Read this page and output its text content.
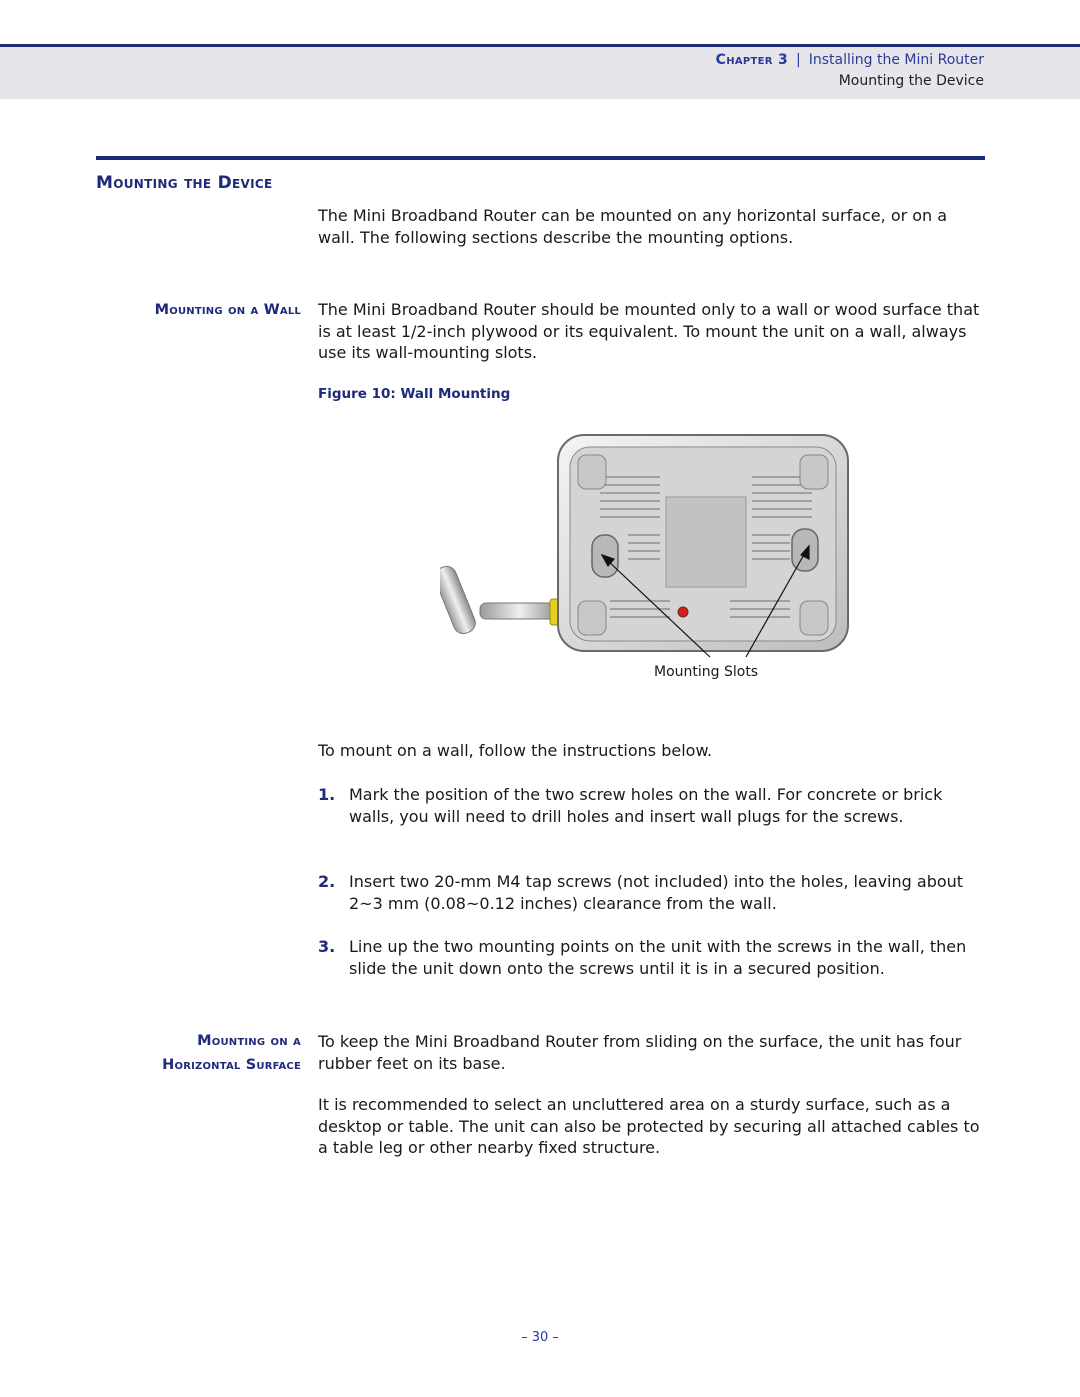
Chapter 3 | Installing the Mini Router
Mounting the Device
Mounting the Device
The Mini Broadband Router can be mounted on any horizontal surface, or on a wall. The following sections describe the mounting options.
Mounting on a Wall The Mini Broadband Router should be mounted only to a wall or wood surface that is at least 1/2-inch plywood or its equivalent. To mount the unit on a wall, always use its wall-mounting slots.
Figure 10: Wall Mounting
Mounting Slots
To mount on a wall, follow the instructions below.
1. Mark the position of the two screw holes on the wall. For concrete or brick walls, you will need to drill holes and insert wall plugs for the screws.
2. Insert two 20-mm M4 tap screws (not included) into the holes, leaving about 2~3 mm (0.08~0.12 inches) clearance from the wall.
3. Line up the two mounting points on the unit with the screws in the wall, then slide the unit down onto the screws until it is in a secured position.
Mounting on a
Horizontal Surface
To keep the Mini Broadband Router from sliding on the surface, the unit has four rubber feet on its base.
It is recommended to select an uncluttered area on a sturdy surface, such as a desktop or table. The unit can also be protected by securing all attached cables to a table leg or other nearby fixed structure.
– 30 –
